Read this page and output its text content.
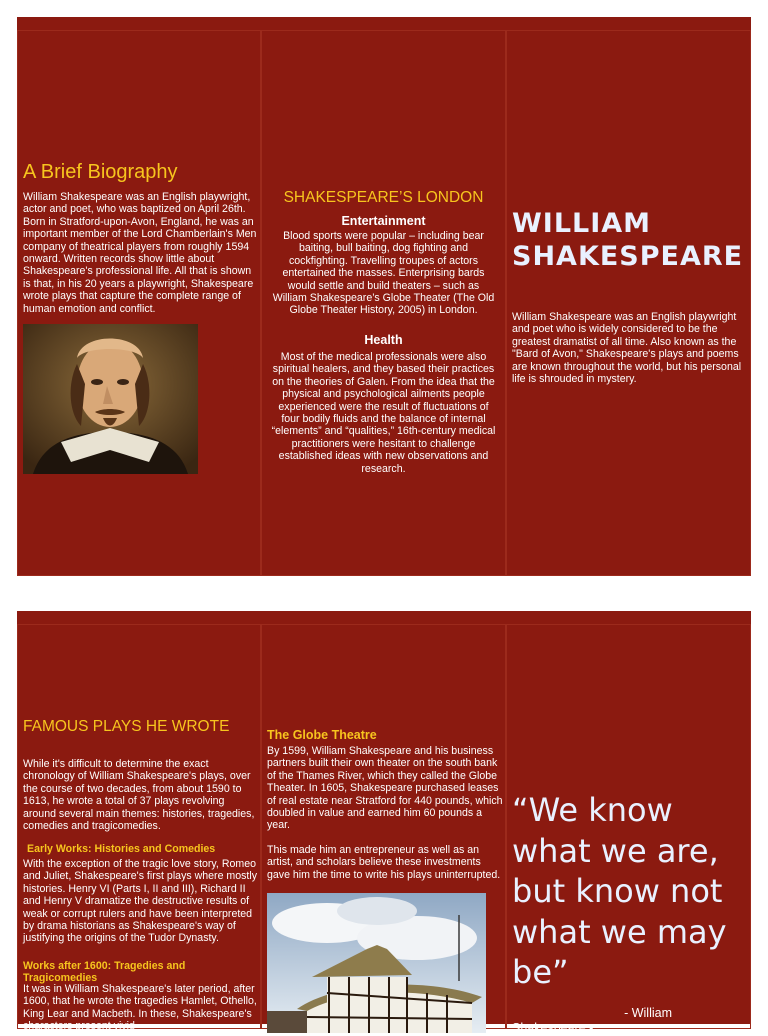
A Brief Biography
William Shakespeare was an English playwright, actor and poet, who was baptized on April 26th. Born in Stratford-upon-Avon, England, he was an important member of the Lord Chamberlain's Men company of theatrical players from roughly 1594 onward. Written records show little about Shakespeare's professional life. All that is shown is that, in his 20 years a playwright, Shakespeare wrote plays that capture the complete range of human emotion and conflict.
SHAKESPEARE’S LONDON
Entertainment
Blood sports were popular – including bear baiting, bull baiting, dog fighting and cockfighting. Travelling troupes of actors entertained the masses. Enterprising bards would settle and build theaters – such as William Shakespeare’s Globe Theater (The Old Globe Theater History, 2005) in London.
Health
Most of the medical professionals were also spiritual healers, and they based their practices on the theories of Galen. From the idea that the physical and psychological ailments people experienced were the result of fluctuations of four bodily fluids and the balance of internal “elements” and “qualities,” 16th-century medical practitioners were hesitant to challenge established ideas with new observations and research.
WILLIAM SHAKESPEARE
William Shakespeare was an English playwright and poet who is widely considered to be the greatest dramatist of all time. Also known as the "Bard of Avon," Shakespeare's plays and poems are known throughout the world, but his personal life is shrouded in mystery.
FAMOUS PLAYS HE WROTE
While it's difficult to determine the exact chronology of William Shakespeare's plays, over the course of two decades, from about 1590 to 1613, he wrote a total of 37 plays revolving around several main themes: histories, tragedies, comedies and tragicomedies.
Early Works: Histories and Comedies
With the exception of the tragic love story, Romeo and Juliet, Shakespeare's first plays where mostly histories. Henry VI (Parts I, II and III), Richard II and Henry V dramatize the destructive results of weak or corrupt rulers and have been interpreted by drama historians as Shakespeare's way of justifying the origins of the Tudor Dynasty.
Works after 1600: Tragedies and Tragicomedies
It was in William Shakespeare's later period, after 1600, that he wrote the tragedies Hamlet, Othello, King Lear and Macbeth. In these, Shakespeare's characters present vivid
The Globe Theatre
By 1599, William Shakespeare and his business partners built their own theater on the south bank of the Thames River, which they called the Globe Theater. In 1605, Shakespeare purchased leases of real estate near Stratford for 440 pounds, which doubled in value and earned him 60 pounds a year.
This made him an entrepreneur as well as an artist, and scholars believe these investments gave him the time to write his plays uninterrupted.
“We know what we are, but know not what we may be”
- William
Shakespeare -
